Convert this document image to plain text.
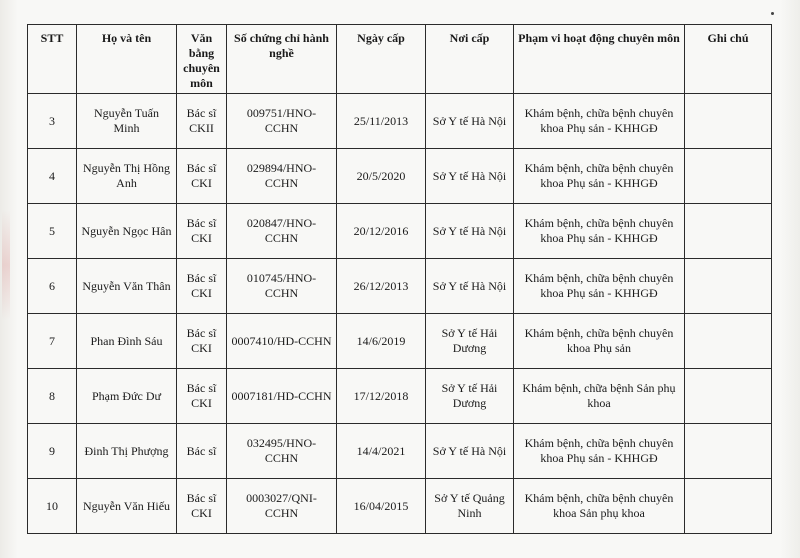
STT	Họ và tên	Văn bằng chuyên môn	Số chứng chỉ hành nghề	Ngày cấp	Nơi cấp	Phạm vi hoạt động chuyên môn	Ghi chú
3	Nguyễn Tuấn Minh	Bác sĩ CKII	009751/HNO-CCHN	25/11/2013	Sở Y tế Hà Nội	Khám bệnh, chữa bệnh chuyên khoa Phụ sản - KHHGĐ	
4	Nguyễn Thị Hồng Anh	Bác sĩ CKI	029894/HNO-CCHN	20/5/2020	Sở Y tế Hà Nội	Khám bệnh, chữa bệnh chuyên khoa Phụ sản - KHHGĐ	
5	Nguyễn Ngọc Hân	Bác sĩ CKI	020847/HNO-CCHN	20/12/2016	Sở Y tế Hà Nội	Khám bệnh, chữa bệnh chuyên khoa Phụ sản - KHHGĐ	
6	Nguyễn Văn Thân	Bác sĩ CKI	010745/HNO-CCHN	26/12/2013	Sở Y tế Hà Nội	Khám bệnh, chữa bệnh chuyên khoa Phụ sản - KHHGĐ	
7	Phan Đình Sáu	Bác sĩ CKI	0007410/HD-CCHN	14/6/2019	Sở Y tế Hải Dương	Khám bệnh, chữa bệnh chuyên khoa Phụ sản	
8	Phạm Đức Dư	Bác sĩ CKI	0007181/HD-CCHN	17/12/2018	Sở Y tế Hải Dương	Khám bệnh, chữa bệnh Sản phụ khoa	
9	Đinh Thị Phượng	Bác sĩ	032495/HNO-CCHN	14/4/2021	Sở Y tế Hà Nội	Khám bệnh, chữa bệnh chuyên khoa Phụ sản - KHHGĐ	
10	Nguyễn Văn Hiếu	Bác sĩ CKI	0003027/QNI-CCHN	16/04/2015	Sở Y tế Quảng Ninh	Khám bệnh, chữa bệnh chuyên khoa Sản phụ khoa	
